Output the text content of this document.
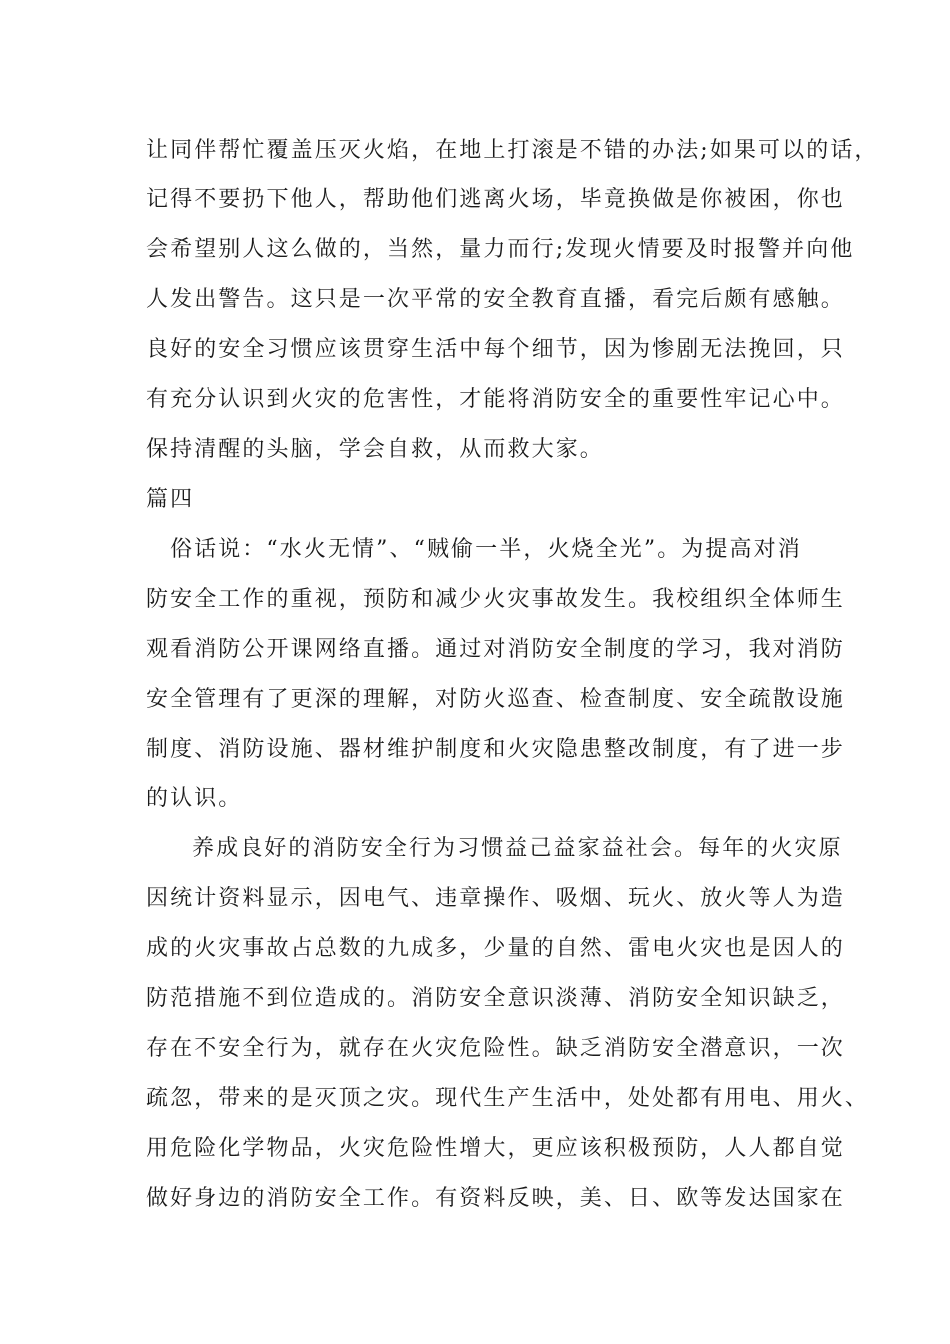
让同伴帮忙覆盖压灭火焰，在地上打滚是不错的办法;如果可以的话，
记得不要扔下他人，帮助他们逃离火场，毕竟换做是你被困，你也
会希望别人这么做的，当然，量力而行;发现火情要及时报警并向他
人发出警告。这只是一次平常的安全教育直播，看完后颇有感触。
良好的安全习惯应该贯穿生活中每个细节，因为惨剧无法挽回，只
有充分认识到火灾的危害性，才能将消防安全的重要性牢记心中。
保持清醒的头脑，学会自救，从而救大家。
篇四
俗话说：“水火无情”、“贼偷一半，火烧全光”。为提高对消
防安全工作的重视，预防和减少火灾事故发生。我校组织全体师生
观看消防公开课网络直播。通过对消防安全制度的学习，我对消防
安全管理有了更深的理解，对防火巡查、检查制度、安全疏散设施
制度、消防设施、器材维护制度和火灾隐患整改制度，有了进一步
的认识。
养成良好的消防安全行为习惯益己益家益社会。每年的火灾原
因统计资料显示，因电气、违章操作、吸烟、玩火、放火等人为造
成的火灾事故占总数的九成多，少量的自然、雷电火灾也是因人的
防范措施不到位造成的。消防安全意识淡薄、消防安全知识缺乏，
存在不安全行为，就存在火灾危险性。缺乏消防安全潜意识，一次
疏忽，带来的是灭顶之灾。现代生产生活中，处处都有用电、用火、
用危险化学物品，火灾危险性增大，更应该积极预防，人人都自觉
做好身边的消防安全工作。有资料反映，美、日、欧等发达国家在
